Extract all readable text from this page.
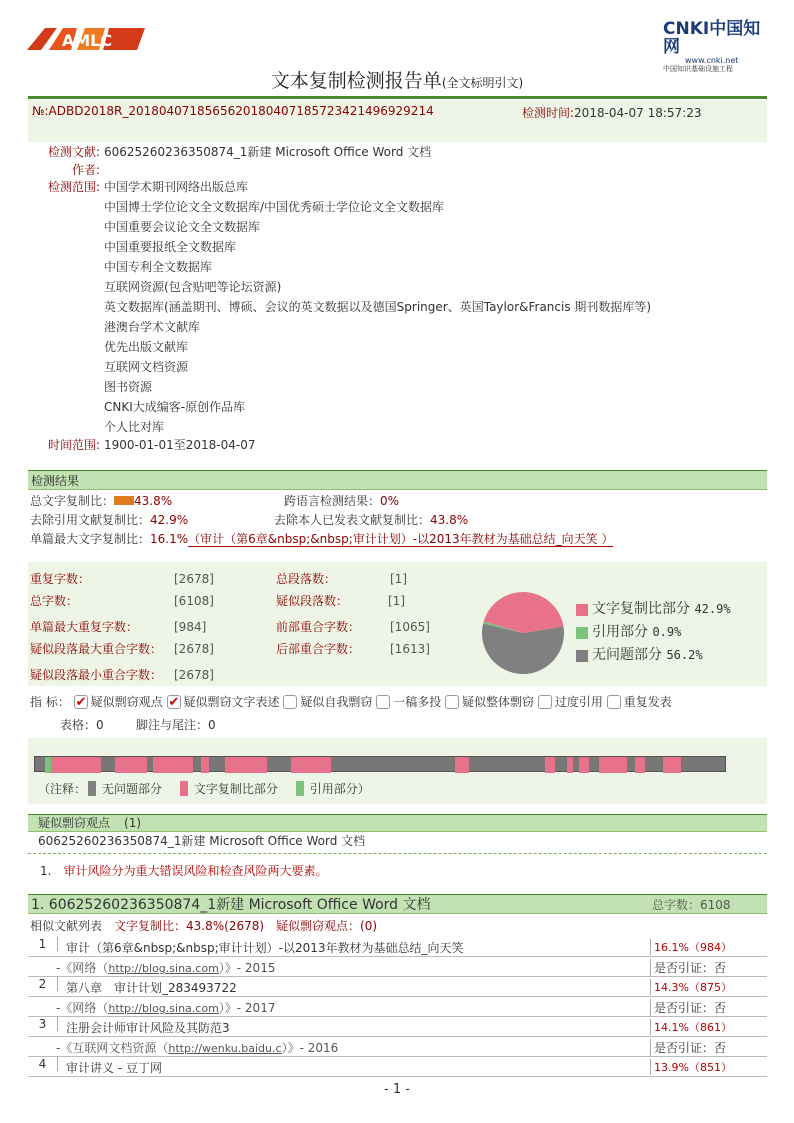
AMLC
CNKI中国知网
www.cnki.net
中国知识基础设施工程
文本复制检测报告单(全文标明引文)
№:ADBD2018R_20180407185656201804071857234214969292​14	检测时间:2018-04-07 18:57:23
检测文献: 60625260236350874_1新建 Microsoft Office Word 文档
作者:
检测范围: 中国学术期刊网络出版总库
中国博士学位论文全文数据库/中国优秀硕士学位论文全文数据库
中国重要会议论文全文数据库
中国重要报纸全文数据库
中国专利全文数据库
互联网资源(包含贴吧等论坛资源)
英文数据库(涵盖期刊、博硕、会议的英文数据以及德国Springer、英国Taylor&Francis 期刊数据库等)
港澳台学术文献库
优先出版文献库
互联网文档资源
图书资源
CNKI大成编客-原创作品库
个人比对库
时间范围: 1900-01-01至2018-04-07
检测结果
总文字复制比： 43.8%	跨语言检测结果：0%
去除引用文献复制比：42.9%	去除本人已发表文献复制比：43.8%
单篇最大文字复制比：16.1%（审计（第6章&nbsp;&nbsp;审计计划）-以2013年教材为基础总结_向天笑 ）
重复字数：	[2678]	总段落数：	[1]
总字数：	[6108]	疑似段落数：	[1]
单篇最大重复字数：	[984]	前部重合字数： [1065]
疑似段落最大重合字数： [2678]	后部重合字数： [1613]
疑似段落最小重合字数： [2678]
文字复制比部分 42.9%
引用部分 0.9%
无问题部分 56.2%
指 标： ✔ 疑似剽窃观点 ✔ 疑似剽窃文字表述 疑似自我剽窃 一稿多投 疑似整体剽窃 过度引用 重复发表
表格：0	脚注与尾注：0
（注释： 无问题部分	文字复制比部分	引用部分）
疑似剽窃观点 (1)
60625260236350874_1新建 Microsoft Office Word 文档
1. 审计风险分为重大错误风险和检查风险两大要素。
1. 60625260236350874_1新建 Microsoft Office Word 文档	总字数：6108
相似文献列表 文字复制比：43.8%(2678) 疑似剽窃观点：(0)
1 审计（第6章&nbsp;&nbsp;审计计划）-以2013年教材为基础总结_向天笑	16.1%（984）
-《网络（http://blog.sina.com）》- 2015	是否引证：否
2 第八章　审计计划_283493722	14.3%（875）
-《网络（http://blog.sina.com）》- 2017	是否引证：否
3 注册会计师审计风险及其防范3	14.1%（861）
-《互联网文档资源（http://wenku.baidu.c）》- 2016	是否引证：否
4 审计讲义 - 豆丁网	13.9%（851）
- 1 -
